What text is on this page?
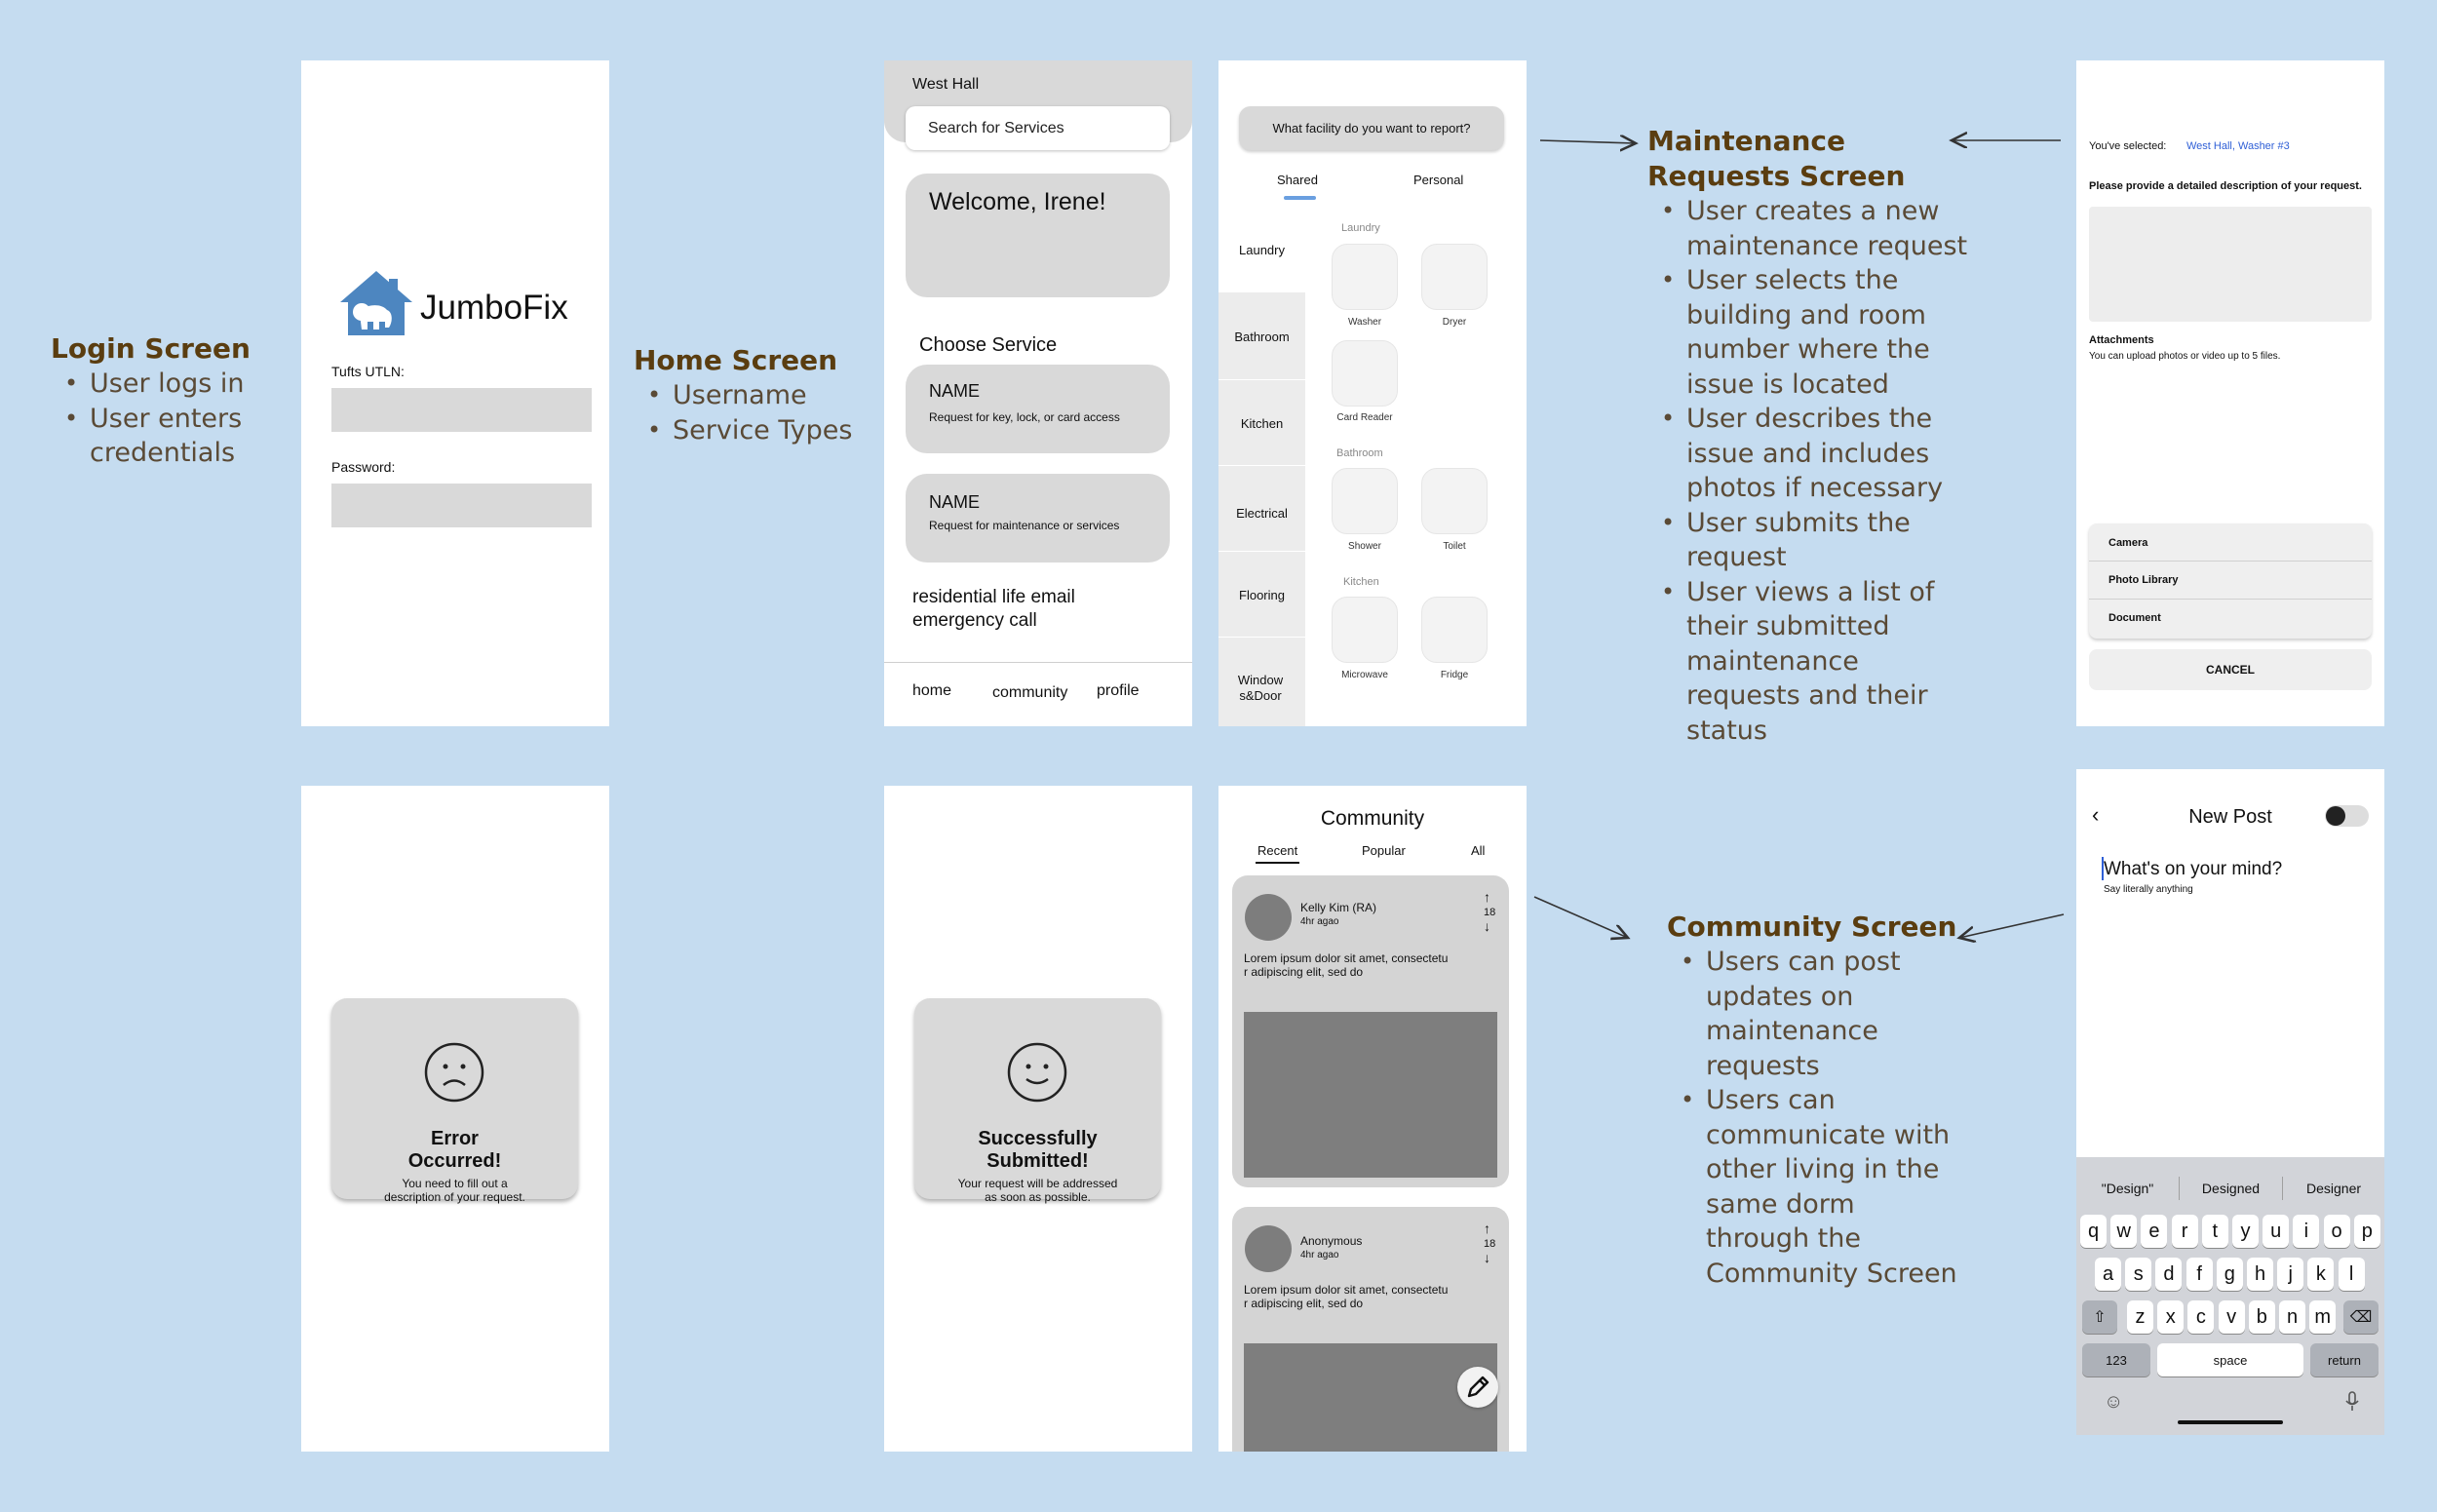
Login Screen
• User logs in
• User enters credentials
Home Screen
• Username
• Service Types
Maintenance Requests Screen
• User creates a new maintenance request
• User selects the building and room number where the issue is located
• User describes the issue and includes photos if necessary
• User submits the request
• User views a list of their submitted maintenance requests and their status
Community Screen
• Users can post updates on maintenance requests
• Users can communicate with other living in the same dorm through the Community Screen
JumboFix
Tufts UTLN:
Password:
West Hall
Search for Services
Welcome, Irene!
Choose Service
NAME
Request for key, lock, or card access
NAME
Request for maintenance or services
residential life email
emergency call
home	community profile
What facility do you want to report?
Shared	Personal
Laundry
Bathroom
Kitchen
Electrical
Flooring
Window s&Door
Laundry
Washer	Dryer
Card Reader
Bathroom
Shower	Toilet
Kitchen
Microwave	Fridge
You've selected: West Hall, Washer #3
Please provide a detailed description of your request.
Attachments
You can upload photos or video up to 5 files.
Camera
Photo Library
Document
CANCEL
Error
Occurred!
You need to fill out a
description of your request.
Successfully
Submitted!
Your request will be addressed
as soon as possible.
Community
Recent	Popular	All
Kelly Kim (RA)
4hr agao
↑
18
↓
Lorem ipsum dolor sit amet, consectetu
r adipiscing elit, sed do
Anonymous
4hr agao
↑
18
↓
Lorem ipsum dolor sit amet, consectetu
r adipiscing elit, sed do
‹	New Post
What's on your mind?
Say literally anything
"Design"	Designed	Designer
q w e	r	t	y	u	i	o	p
a	s	d	f	g	h	j	k	l
z	x	c	v	b	n m
⇧	⌫
123	space	return
☺
